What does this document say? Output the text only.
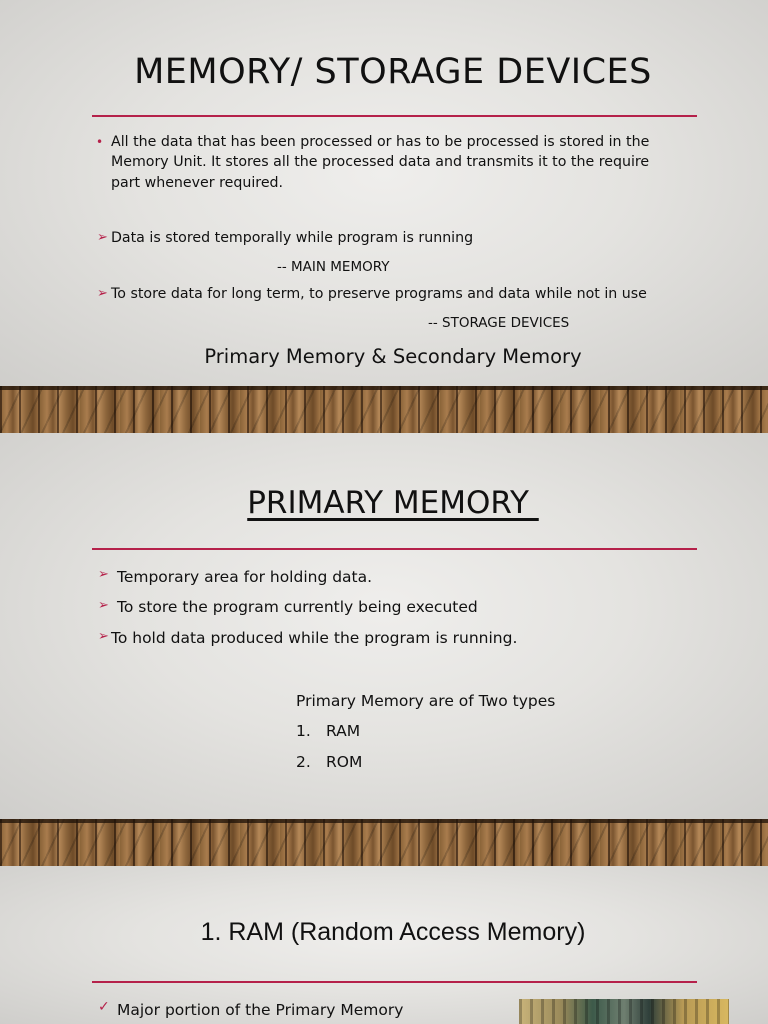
MEMORY/ STORAGE DEVICES
• All the data that has been processed or has to be processed is stored in the

Memory Unit. It stores all the processed data and transmits it to the require

part whenever required.

➢ Data is stored temporally while program is running

-- MAIN MEMORY

➢ To store data for long term, to preserve programs and data while not in use

-- STORAGE DEVICES

Primary Memory & Secondary Memory

PRIMARY MEMORY
➢ Temporary area for holding data.

➢ To store the program currently being executed

➢ To hold data produced while the program is running.

Primary Memory are of Two types

1. RAM

2. ROM

1. RAM (Random Access Memory)
✓ Major portion of the Primary Memory
